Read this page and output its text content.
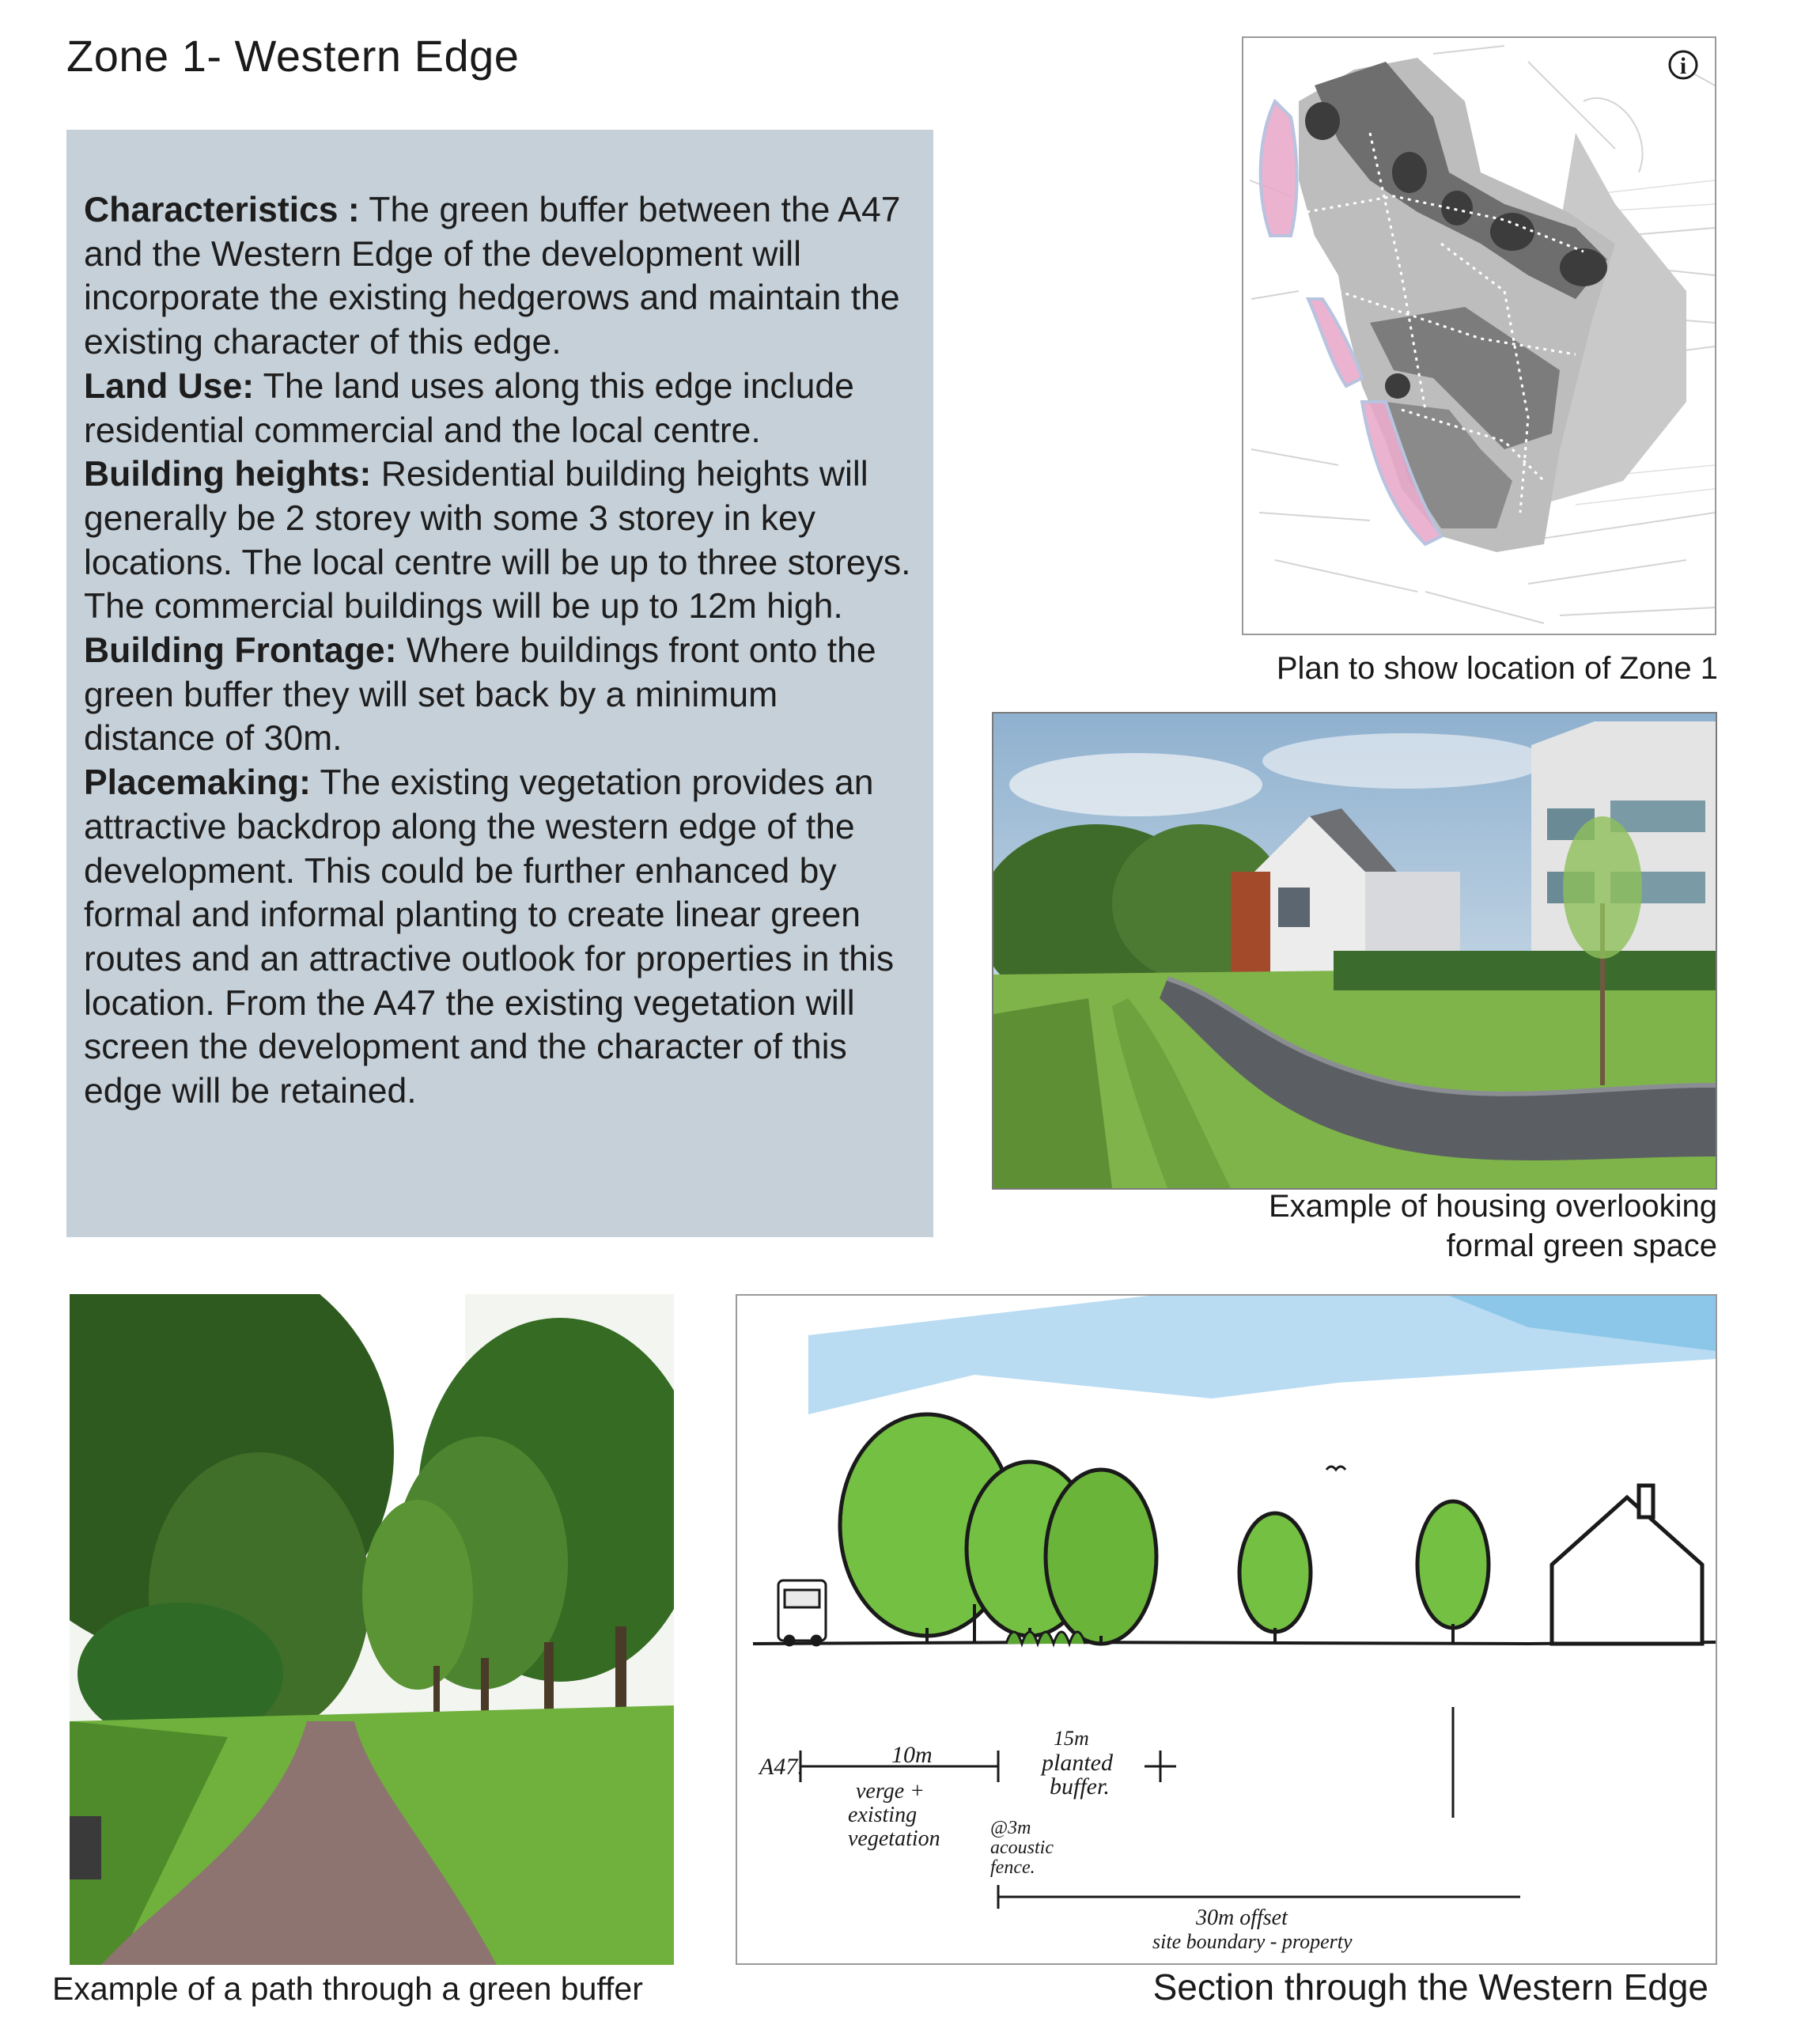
Zone 1- Western Edge

Characteristics : The green buffer between the A47 and the Western Edge of the development will incorporate the existing hedgerows and maintain the existing character of this edge.

Land Use: The land uses along this edge include residential commercial and the local centre.

Building heights: Residential building heights will generally be 2 storey with some 3 storey in key locations. The local centre will be up to three storeys. The commercial buildings will be up to 12m high.

Building Frontage: Where buildings front onto the green buffer they will set back by a minimum distance of 30m.

Placemaking: The existing vegetation provides an attractive backdrop along the western edge of the development. This could be further enhanced by formal and informal planting to create linear green routes and an attractive outlook for properties in this location. From the A47 the existing vegetation will screen the development and the character of this edge will be retained.

i
Plan to show location of Zone 1
Example of housing overlooking
formal green space
Example of a path through a green buffer
A47.	10m
verge +
existing
vegetation	@3m
acoustic
fence.
15m
planted
buffer.
30m offset
site boundary - property
Section through the Western Edge
